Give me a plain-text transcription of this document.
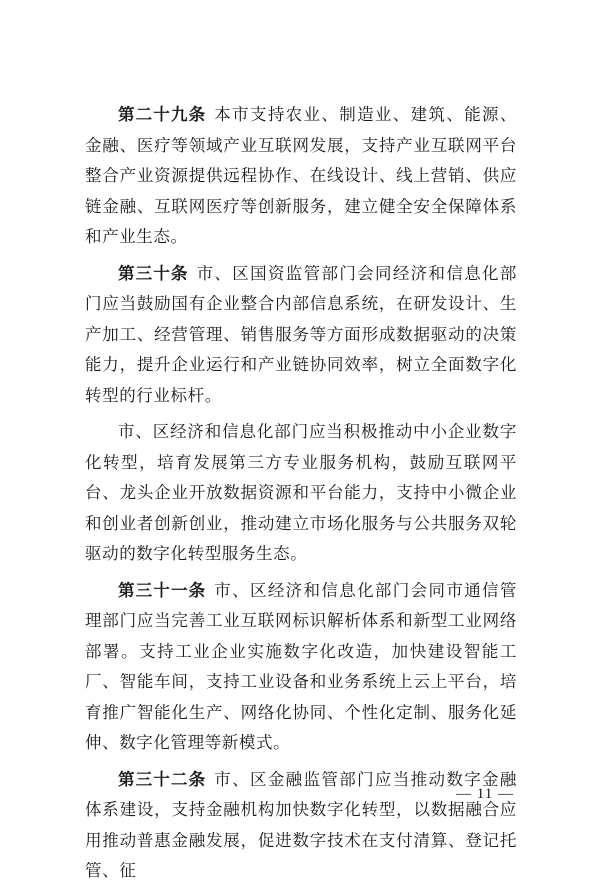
第二十九条 本市支持农业、制造业、建筑、能源、金融、医疗等领域产业互联网发展，支持产业互联网平台整合产业资源提供远程协作、在线设计、线上营销、供应链金融、互联网医疗等创新服务，建立健全安全保障体系和产业生态。

第三十条 市、区国资监管部门会同经济和信息化部门应当鼓励国有企业整合内部信息系统，在研发设计、生产加工、经营管理、销售服务等方面形成数据驱动的决策能力，提升企业运行和产业链协同效率，树立全面数字化转型的行业标杆。

市、区经济和信息化部门应当积极推动中小企业数字化转型，培育发展第三方专业服务机构，鼓励互联网平台、龙头企业开放数据资源和平台能力，支持中小微企业和创业者创新创业，推动建立市场化服务与公共服务双轮驱动的数字化转型服务生态。

第三十一条 市、区经济和信息化部门会同市通信管理部门应当完善工业互联网标识解析体系和新型工业网络部署。支持工业企业实施数字化改造，加快建设智能工厂、智能车间，支持工业设备和业务系统上云上平台，培育推广智能化生产、网络化协同、个性化定制、服务化延伸、数字化管理等新模式。

第三十二条 市、区金融监管部门应当推动数字金融体系建设，支持金融机构加快数字化转型，以数据融合应用推动普惠金融发展，促进数字技术在支付清算、登记托管、征

— 11 —
